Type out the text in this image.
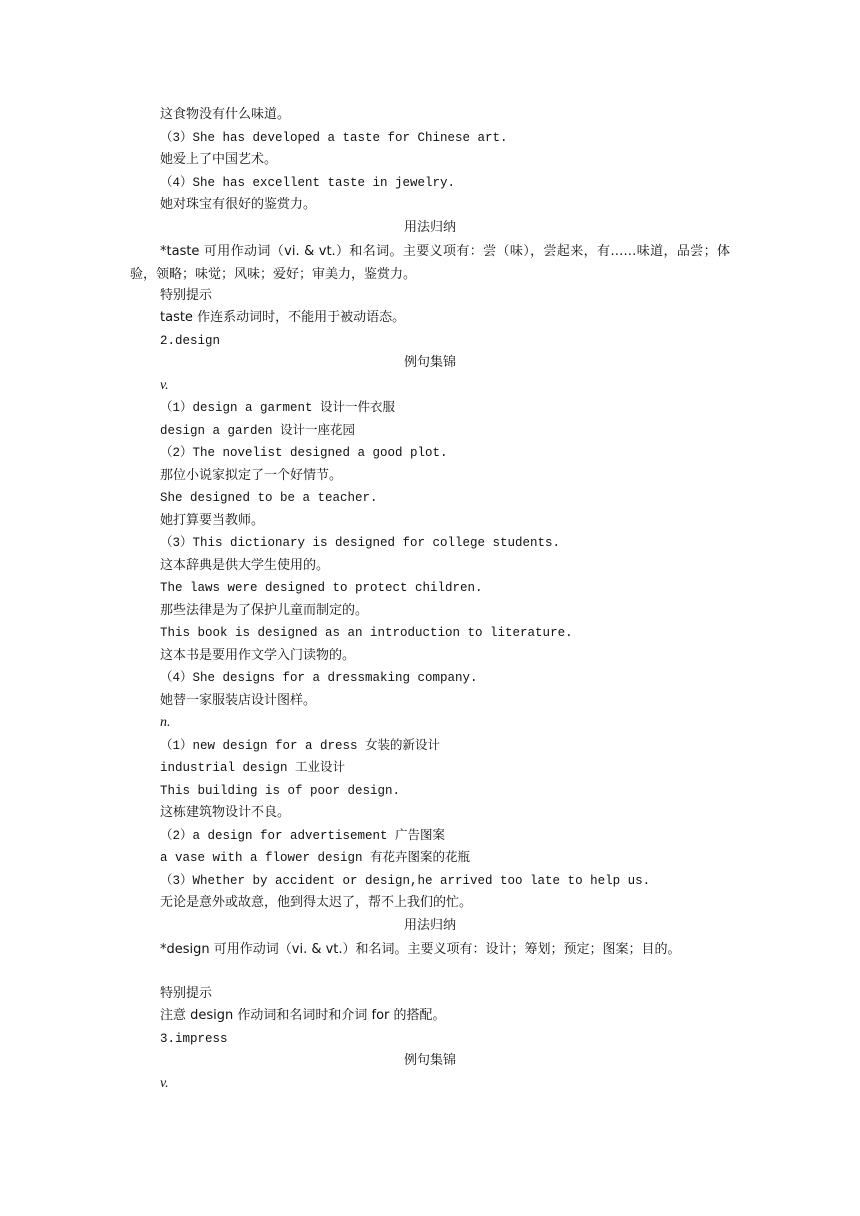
这食物没有什么味道。
（3）She has developed a taste for Chinese art.
她爱上了中国艺术。
（4）She has excellent taste in jewelry.
她对珠宝有很好的鉴赏力。
用法归纳
*taste 可用作动词（vi. & vt.）和名词。主要义项有：尝（味），尝起来，有……味道，品尝；体验，领略；味觉；风味；爱好；审美力，鉴赏力。
特别提示
taste 作连系动词时，不能用于被动语态。
2.design
例句集锦
v.
（1）design a garment 设计一件衣服
design a garden 设计一座花园
（2）The novelist designed a good plot.
那位小说家拟定了一个好情节。
She designed to be a teacher.
她打算要当教师。
（3）This dictionary is designed for college students.
这本辞典是供大学生使用的。
The laws were designed to protect children.
那些法律是为了保护儿童而制定的。
This book is designed as an introduction to literature.
这本书是要用作文学入门读物的。
（4）She designs for a dressmaking company.
她替一家服装店设计图样。
n.
（1）new design for a dress 女装的新设计
industrial design 工业设计
This building is of poor design.
这栋建筑物设计不良。
（2）a design for advertisement 广告图案
a vase with a flower design 有花卉图案的花瓶
（3）Whether by accident or design,he arrived too late to help us.
无论是意外或故意，他到得太迟了，帮不上我们的忙。
用法归纳
*design 可用作动词（vi. & vt.）和名词。主要义项有：设计；筹划；预定；图案；目的。
特别提示
注意 design 作动词和名词时和介词 for 的搭配。
3.impress
例句集锦
v.
